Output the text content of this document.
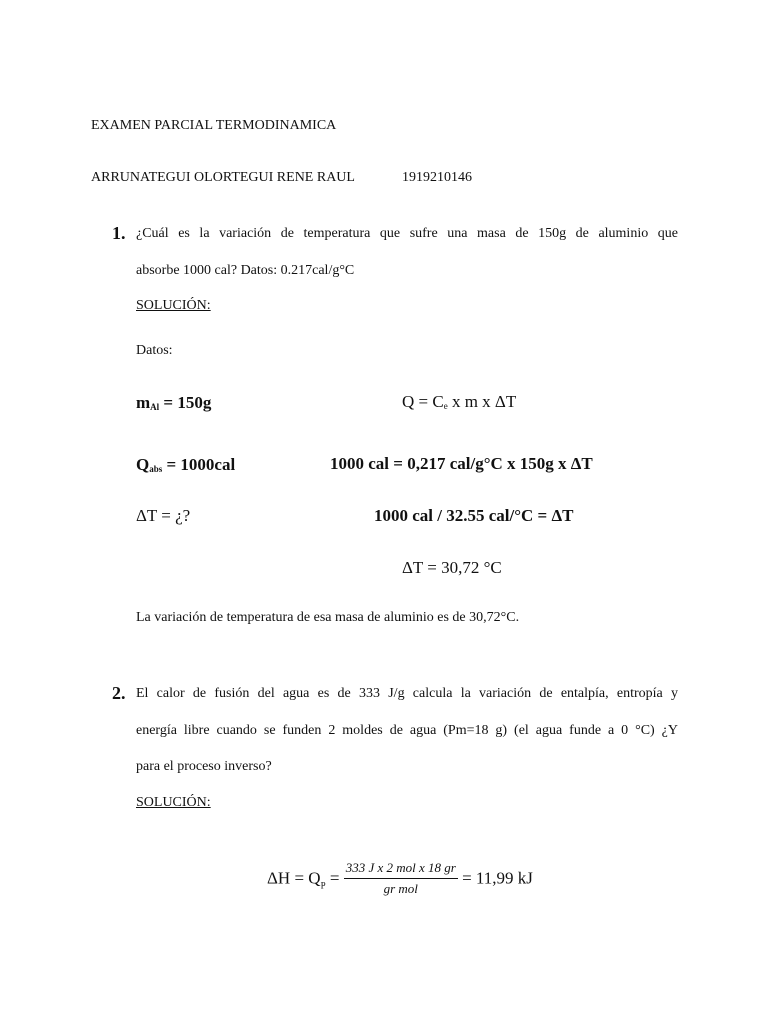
EXAMEN PARCIAL TERMODINAMICA
ARRUNATEGUI OLORTEGUI RENE RAUL	1919210146
1. ¿Cuál es la variación de temperatura que sufre una masa de 150g de aluminio que
absorbe 1000 cal? Datos: 0.217cal/g°C
SOLUCIÓN:
Datos:
$m_{Al} = 150g$	$Q = C_e$ x m x ΔT
$Q_{abs} = 1000cal$	1000 cal = 0,217 cal/g°C x 150g x ΔT
ΔT = ¿?	1000 cal / 32.55 cal/°C = ΔT
ΔT = 30,72 °C
La variación de temperatura de esa masa de aluminio es de 30,72°C.
2. El calor de fusión del agua es de 333 J/g calcula la variación de entalpía, entropía y
energía libre cuando se funden 2 moldes de agua (Pm=18 g) (el agua funde a 0 °C) ¿Y
para el proceso inverso?
SOLUCIÓN:
$\Delta H = Q_P = \frac{\text{333 J x 2 mol x 18 gr}}{\text{gr mol}} = 11,99$ kJ
